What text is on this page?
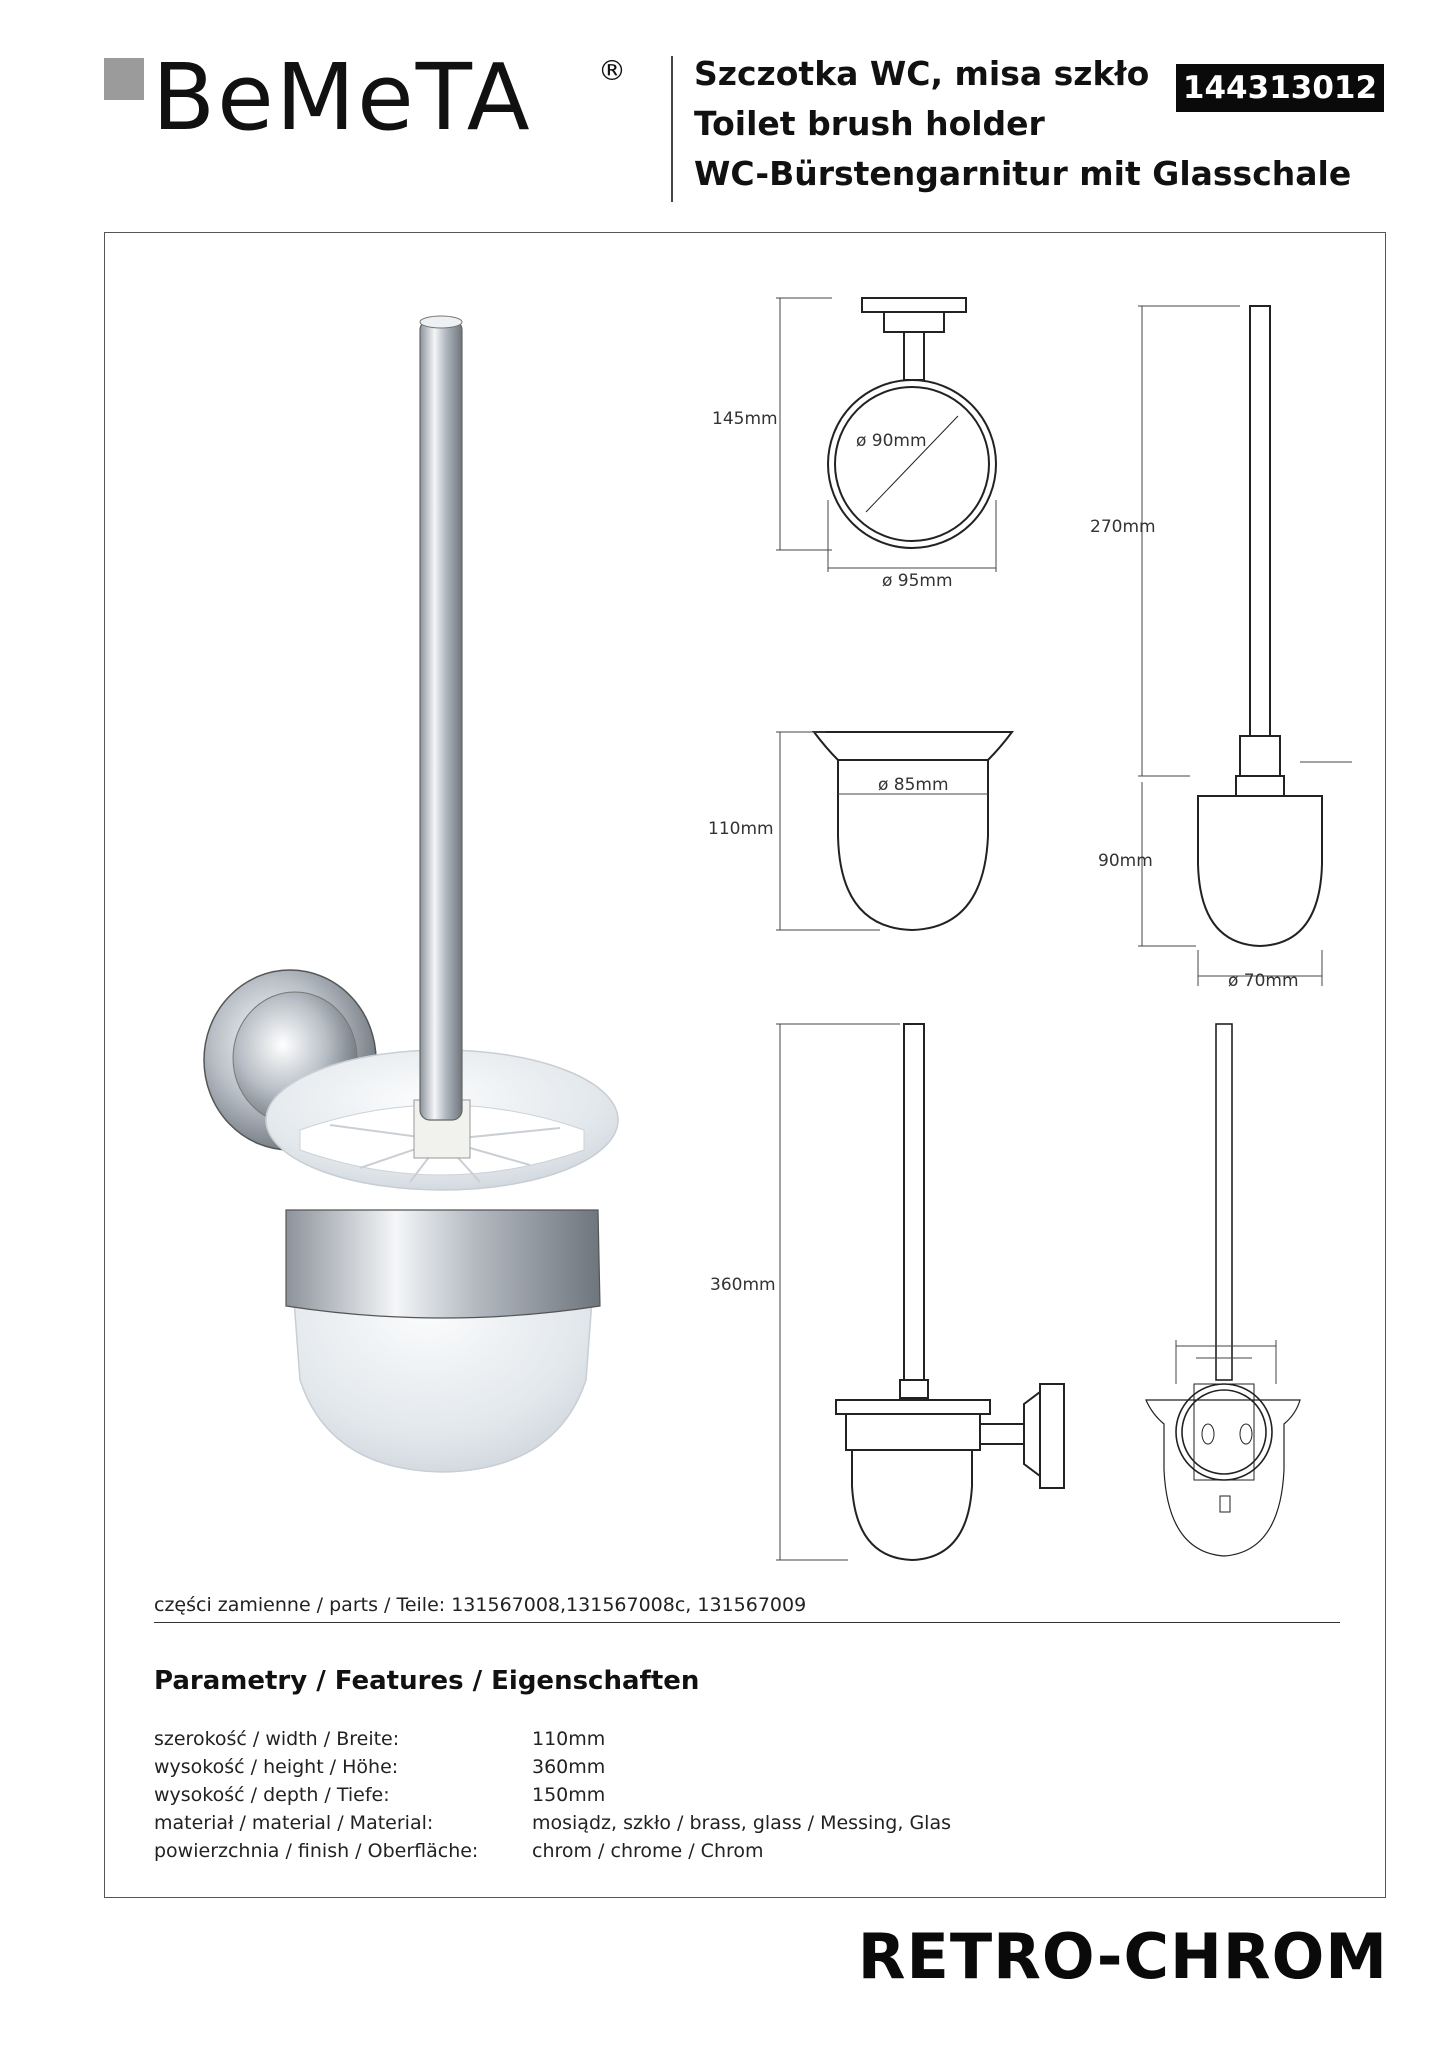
BeMeTA ® Szczotka WC, misa szkło
Toilet brush holder
WC-Bürstengarnitur mit Glasschale
144313012
145mm
ø 90mm
ø 95mm
110mm
ø 85mm
270mm
90mm
ø 70mm
360mm
części zamienne / parts / Teile: 131567008,131567008c, 131567009
Parametry / Features / Eigenschaften
szerokość / width / Breite:	110mm
wysokość / height / Höhe:	360mm
wysokość / depth / Tiefe:	150mm
materiał / material / Material:	mosiądz, szkło / brass, glass / Messing, Glas
powierzchnia / finish / Oberfläche:	chrom / chrome / Chrom
RETRO-CHROM
